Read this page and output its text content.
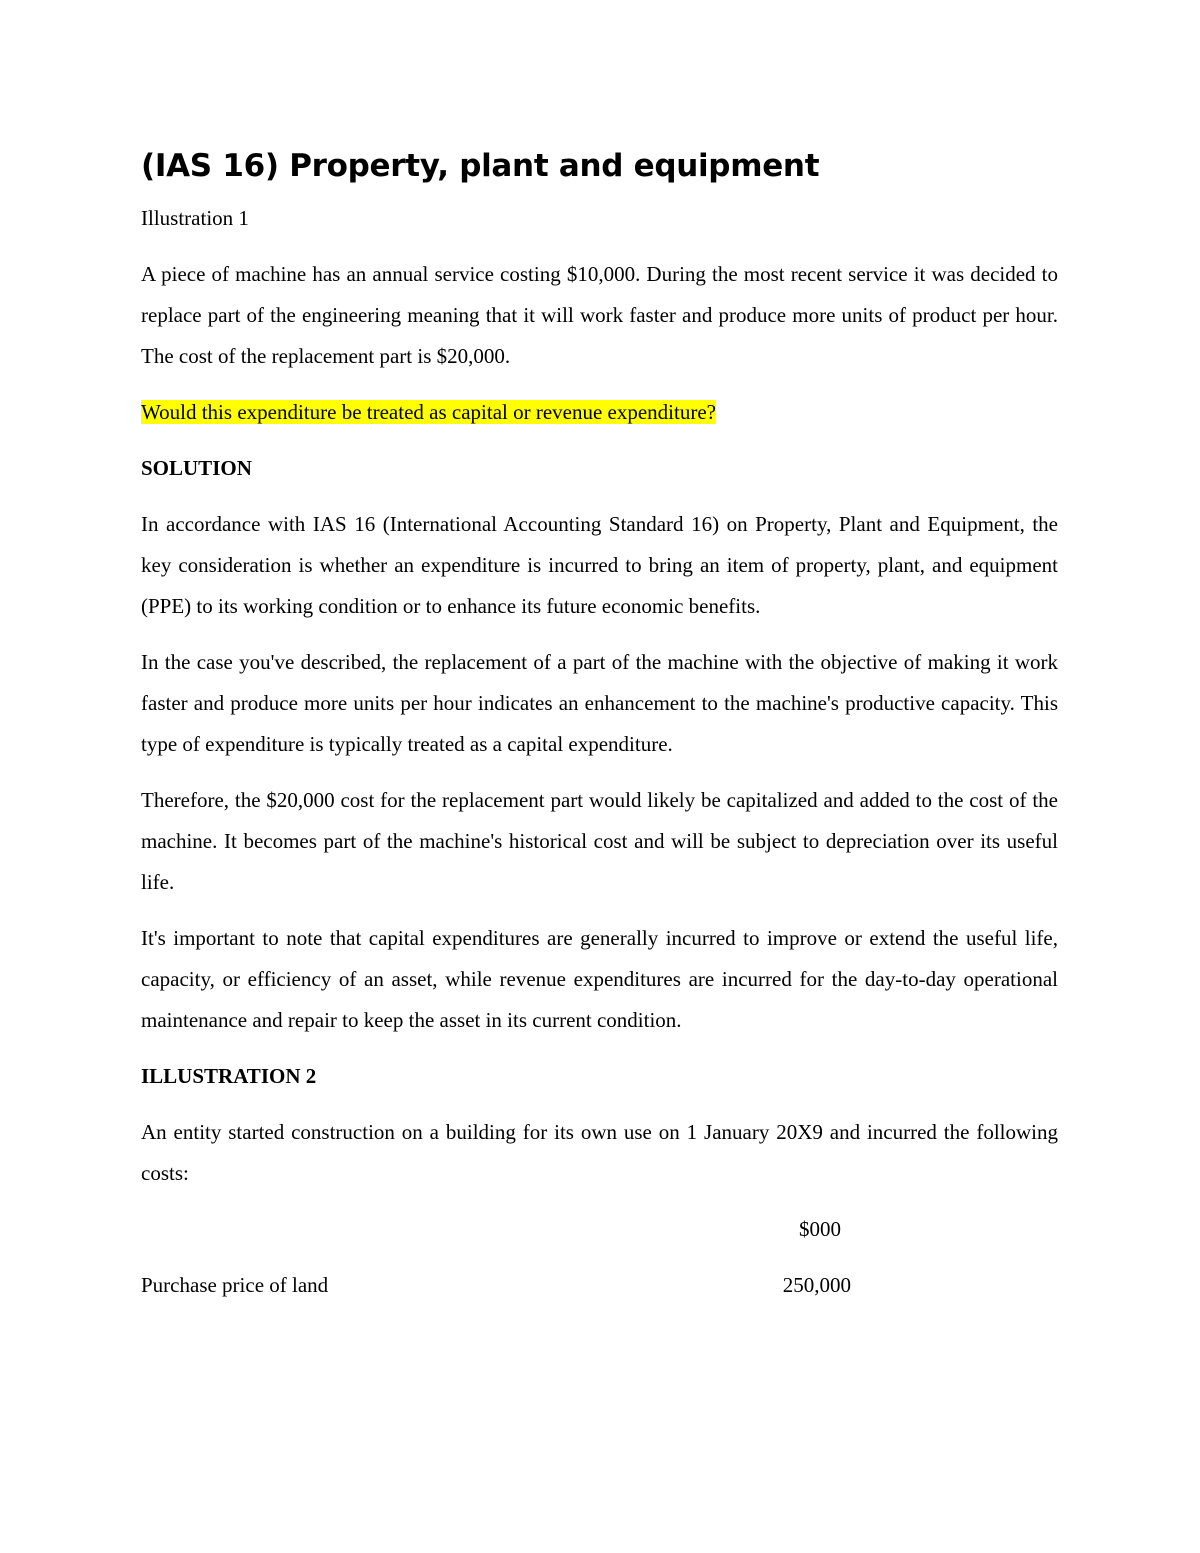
(IAS 16) Property, plant and equipment

Illustration 1

A piece of machine has an annual service costing $10,000. During the most recent service it was decided to replace part of the engineering meaning that it will work faster and produce more units of product per hour. The cost of the replacement part is $20,000.

Would this expenditure be treated as capital or revenue expenditure?

SOLUTION

In accordance with IAS 16 (International Accounting Standard 16) on Property, Plant and Equipment, the key consideration is whether an expenditure is incurred to bring an item of property, plant, and equipment (PPE) to its working condition or to enhance its future economic benefits.

In the case you've described, the replacement of a part of the machine with the objective of making it work faster and produce more units per hour indicates an enhancement to the machine's productive capacity. This type of expenditure is typically treated as a capital expenditure.

Therefore, the $20,000 cost for the replacement part would likely be capitalized and added to the cost of the machine. It becomes part of the machine's historical cost and will be subject to depreciation over its useful life.

It's important to note that capital expenditures are generally incurred to improve or extend the useful life, capacity, or efficiency of an asset, while revenue expenditures are incurred for the day-to-day operational maintenance and repair to keep the asset in its current condition.

ILLUSTRATION 2

An entity started construction on a building for its own use on 1 January 20X9 and incurred the following costs:

$000
Purchase price of land	250,000
